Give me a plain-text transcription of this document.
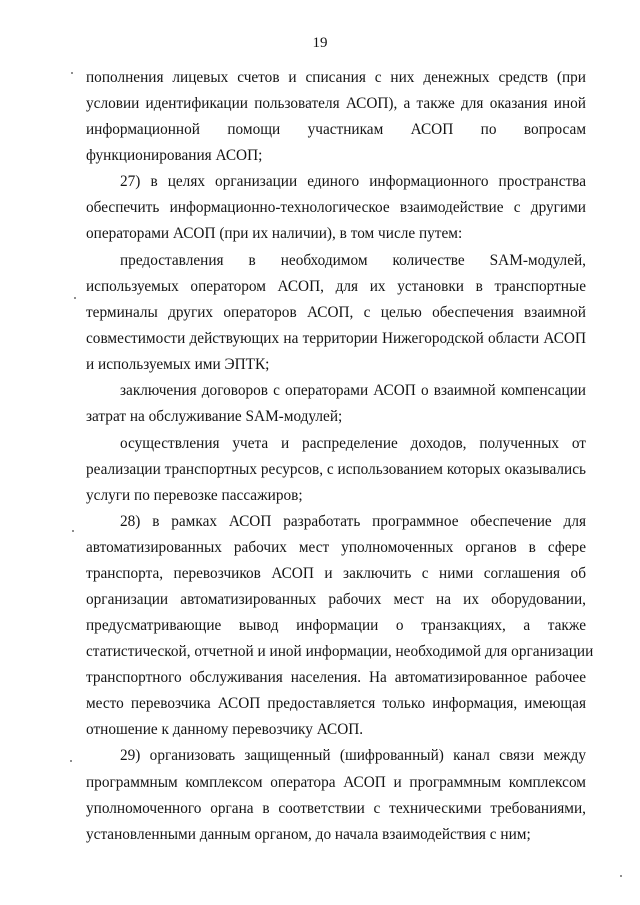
19
пополнения лицевых счетов и списания с них денежных средств (при
условии идентификации пользователя АСОП), а также для оказания иной
информационной помощи участникам АСОП по вопросам
функционирования АСОП;
27) в целях организации единого информационного пространства
обеспечить информационно-технологическое взаимодействие с другими
операторами АСОП (при их наличии), в том числе путем:
предоставления в необходимом количестве SAM-модулей,
используемых оператором АСОП, для их установки в транспортные
терминалы других операторов АСОП, с целью обеспечения взаимной
совместимости действующих на территории Нижегородской области АСОП
и используемых ими ЭПТК;
заключения договоров с операторами АСОП о взаимной компенсации
затрат на обслуживание SAM-модулей;
осуществления учета и распределение доходов, полученных от
реализации транспортных ресурсов, с использованием которых оказывались
услуги по перевозке пассажиров;
28) в рамках АСОП разработать программное обеспечение для
автоматизированных рабочих мест уполномоченных органов в сфере
транспорта, перевозчиков АСОП и заключить с ними соглашения об
организации автоматизированных рабочих мест на их оборудовании,
предусматривающие вывод информации о транзакциях, а также
статистической, отчетной и иной информации, необходимой для организации
транспортного обслуживания населения. На автоматизированное рабочее
место перевозчика АСОП предоставляется только информация, имеющая
отношение к данному перевозчику АСОП.
29) организовать защищенный (шифрованный) канал связи между
программным комплексом оператора АСОП и программным комплексом
уполномоченного органа в соответствии с техническими требованиями,
установленными данным органом, до начала взаимодействия с ним;
